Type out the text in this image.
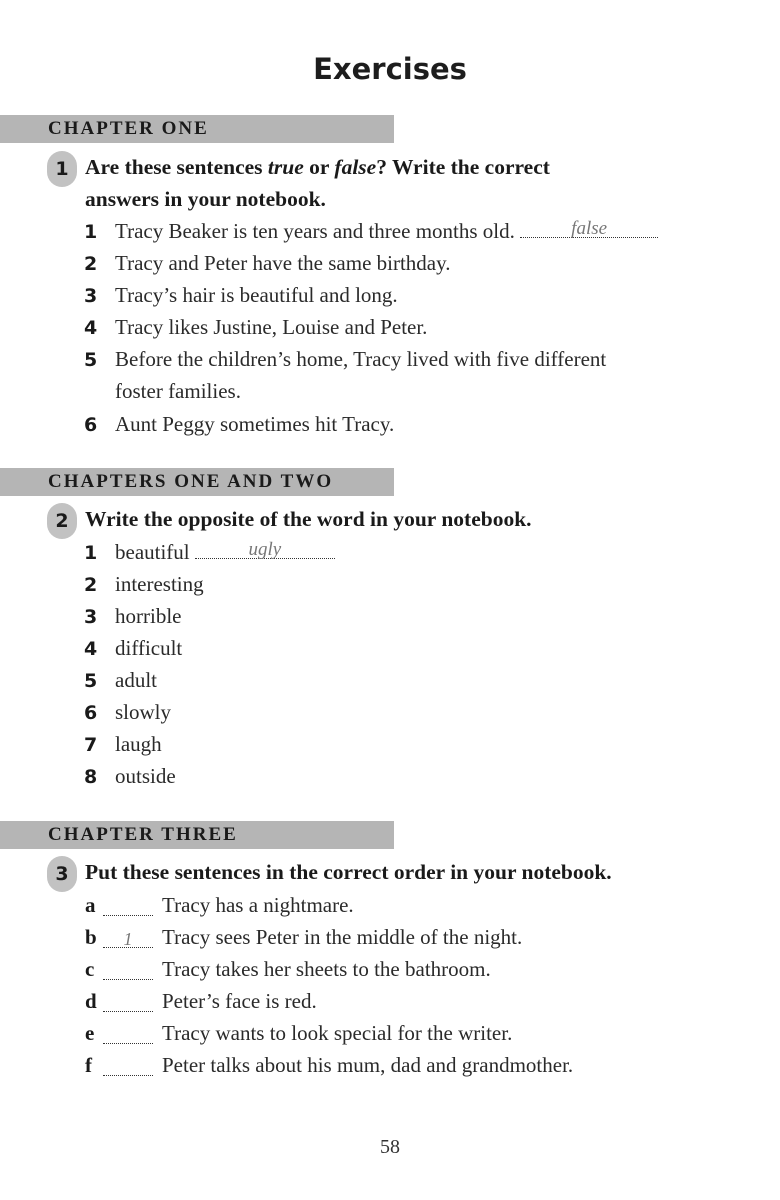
Exercises
CHAPTER ONE
1 Are these sentences true or false? Write the correct
answers in your notebook.
1 Tracy Beaker is ten years and three months old.	false
2 Tracy and Peter have the same birthday.
3 Tracy’s hair is beautiful and long.
4 Tracy likes Justine, Louise and Peter.
5 Before the children’s home, Tracy lived with five different
foster families.
6 Aunt Peggy sometimes hit Tracy.
CHAPTERS ONE AND TWO
2 Write the opposite of the word in your notebook.
1 beautiful	ugly
2 interesting
3 horrible
4 difficult
5 adult
6 slowly
7 laugh
8 outside
CHAPTER THREE
3 Put these sentences in the correct order in your notebook.
a	Tracy has a nightmare.
b	1	Tracy sees Peter in the middle of the night.
c	Tracy takes her sheets to the bathroom.
d	Peter’s face is red.
e	Tracy wants to look special for the writer.
f	Peter talks about his mum, dad and grandmother.
58
